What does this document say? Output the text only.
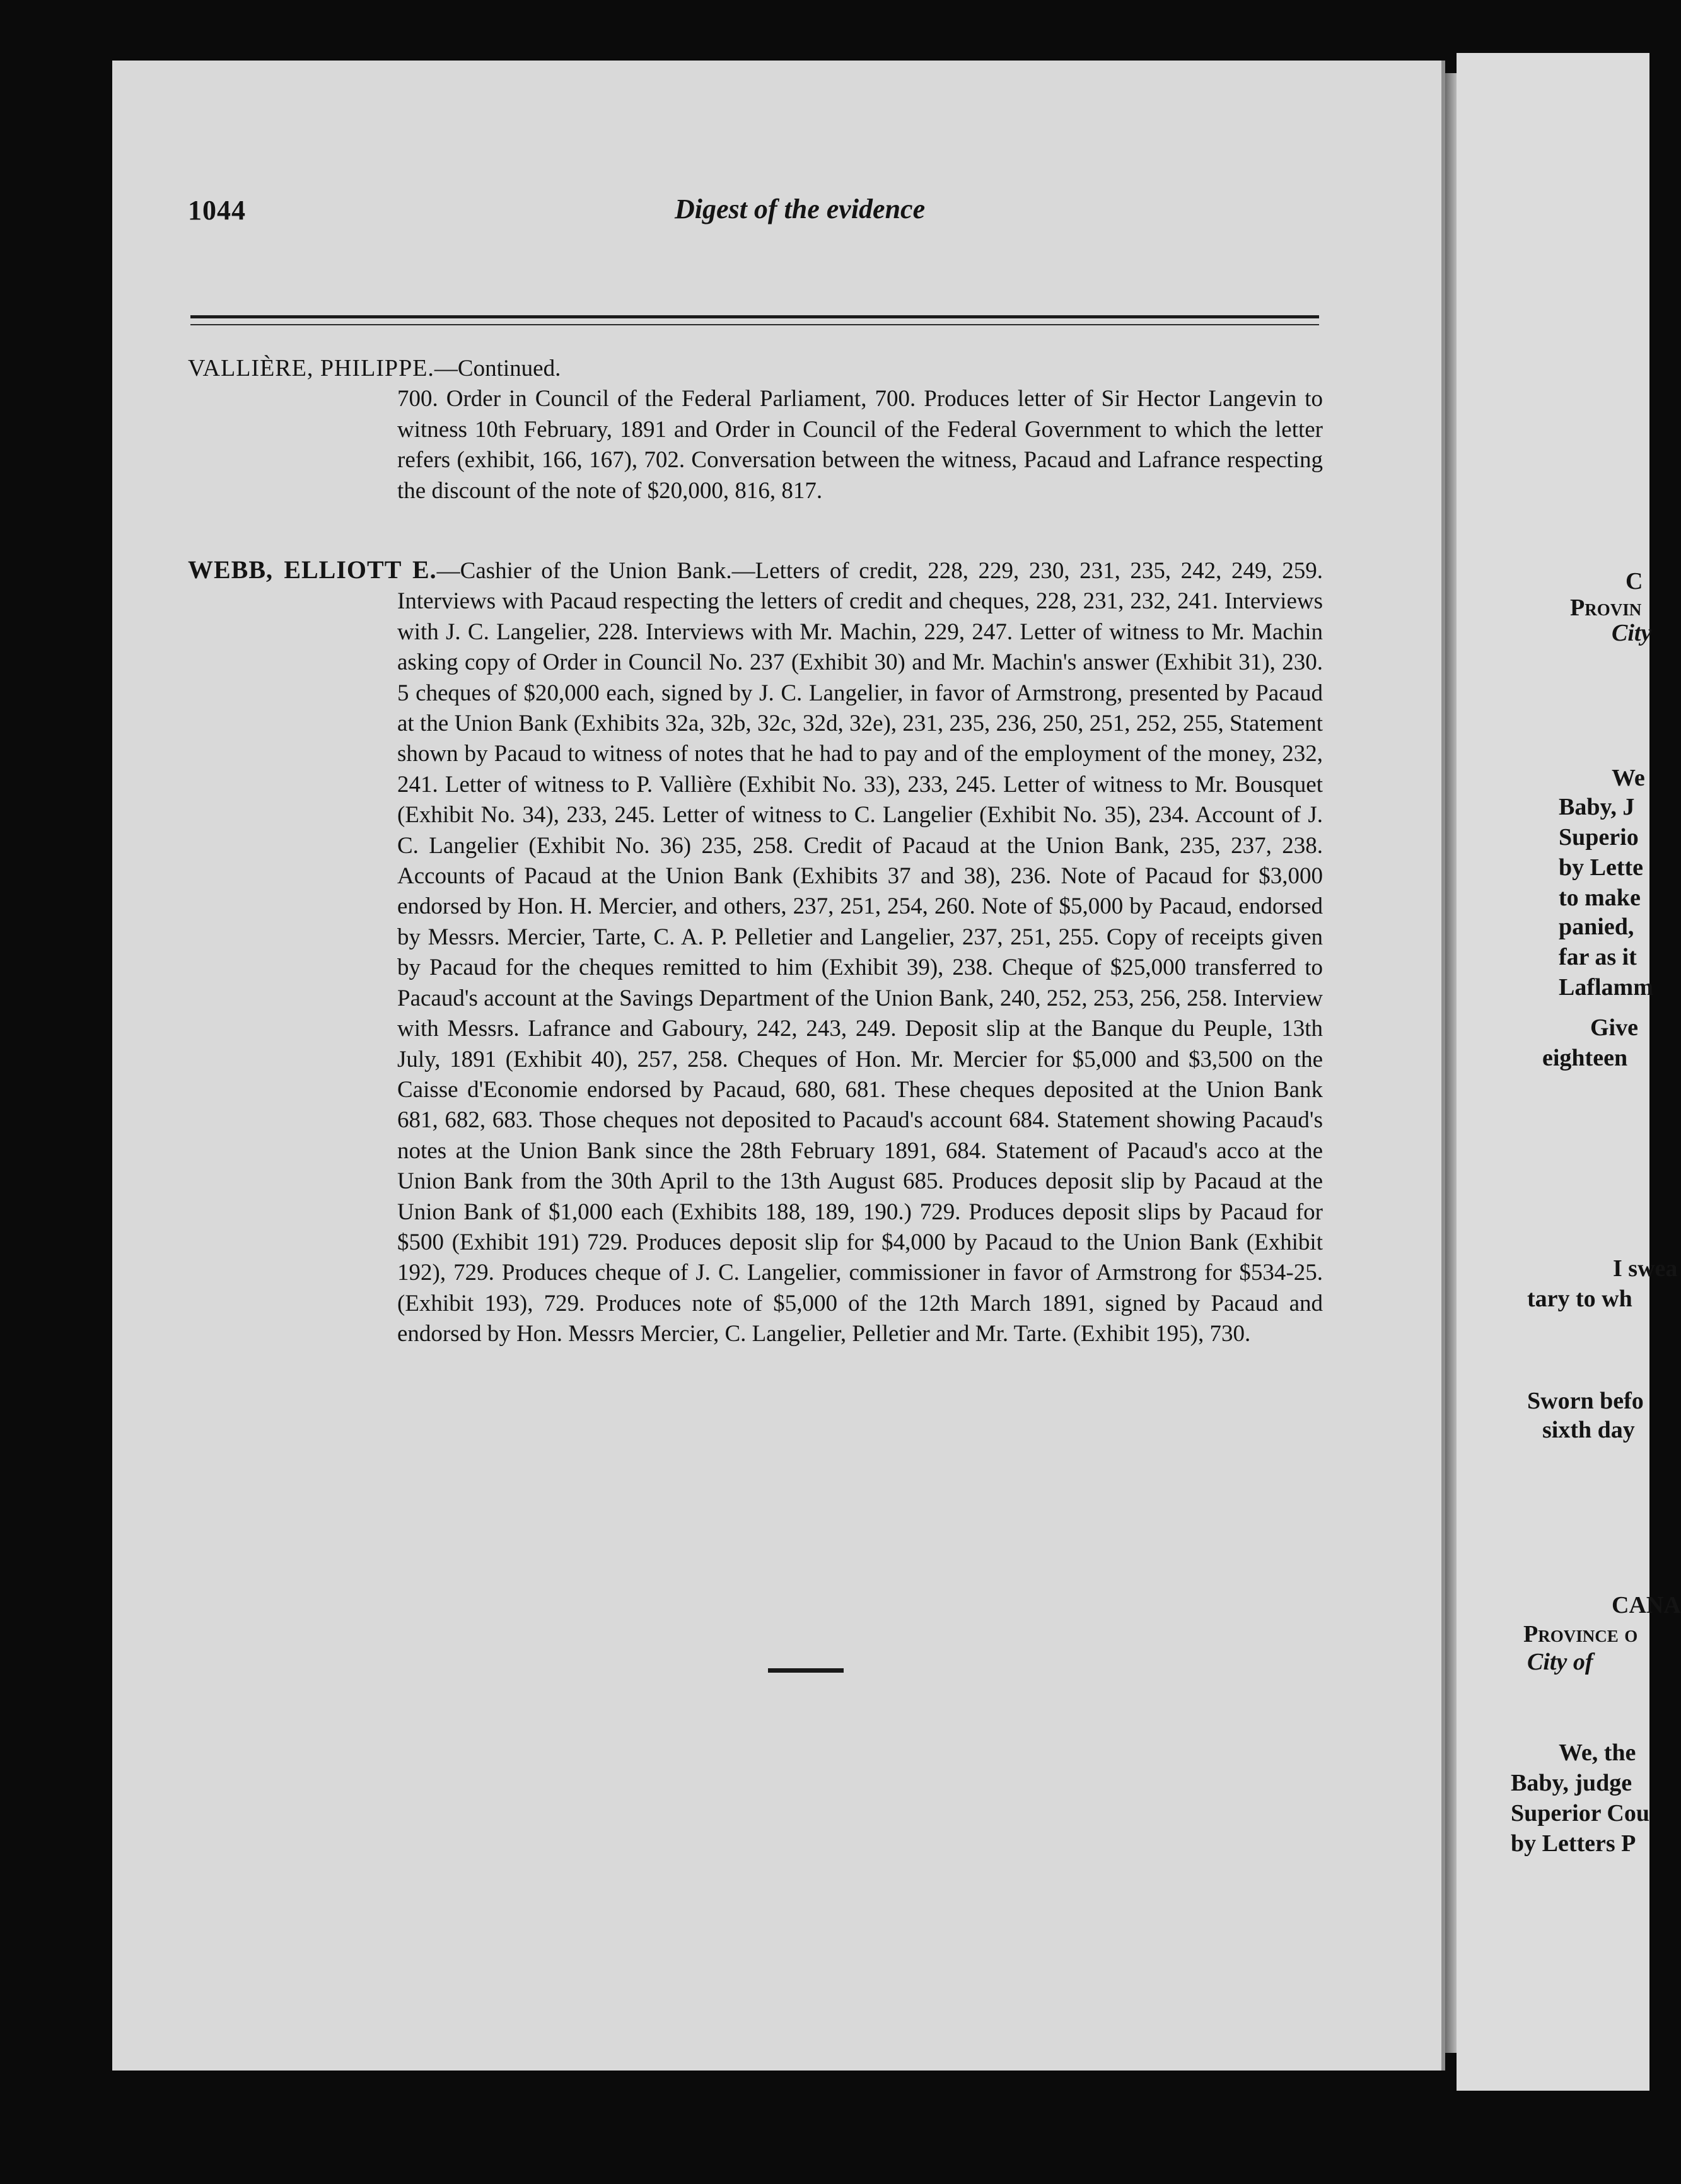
1044	Digest of the evidence

VALLIÈRE, PHILIPPE.—Continued.
700. Order in Council of the Federal Parliament, 700. Produces letter of Sir Hector Langevin to witness 10th February, 1891 and Order in Council of the Federal Government to which the letter refers (exhibit, 166, 167), 702. Conversation between the witness, Pacaud and Lafrance respecting the discount of the note of $20,000, 816, 817.

WEBB, ELLIOTT E.—Cashier of the Union Bank.—Letters of credit, 228, 229, 230, 231, 235, 242, 249, 259. Interviews with Pacaud respecting the letters of credit and cheques, 228, 231, 232, 241. Interviews with J. C. Langelier, 228. Interviews with Mr. Machin, 229, 247. Letter of witness to Mr. Machin asking copy of Order in Council No. 237 (Exhibit 30) and Mr. Machin's answer (Exhibit 31), 230. 5 cheques of $20,000 each, signed by J. C. Langelier, in favor of Armstrong, presented by Pacaud at the Union Bank (Exhibits 32a, 32b, 32c, 32d, 32e), 231, 235, 236, 250, 251, 252, 255, Statement shown by Pacaud to witness of notes that he had to pay and of the employment of the money, 232, 241. Letter of witness to P. Vallière (Exhibit No. 33), 233, 245. Letter of witness to Mr. Bousquet (Exhibit No. 34), 233, 245. Letter of witness to C. Langelier (Exhibit No. 35), 234. Account of J. C. Langelier (Exhibit No. 36) 235, 258. Credit of Pacaud at the Union Bank, 235, 237, 238. Accounts of Pacaud at the Union Bank (Exhibits 37 and 38), 236. Note of Pacaud for $3,000 endorsed by Hon. H. Mercier, and others, 237, 251, 254, 260. Note of $5,000 by Pacaud, endorsed by Messrs. Mercier, Tarte, C. A. P. Pelletier and Langelier, 237, 251, 255. Copy of receipts given by Pacaud for the cheques remitted to him (Exhibit 39), 238. Cheque of $25,000 transferred to Pacaud's account at the Savings Department of the Union Bank, 240, 252, 253, 256, 258. Interview with Messrs. Lafrance and Gaboury, 242, 243, 249. Deposit slip at the Banque du Peuple, 13th July, 1891 (Exhibit 40), 257, 258. Cheques of Hon. Mr. Mercier for $5,000 and $3,500 on the Caisse d'Economie endorsed by Pacaud, 680, 681. These cheques deposited at the Union Bank 681, 682, 683. Those cheques not deposited to Pacaud's account 684. Statement showing Pacaud's notes at the Union Bank since the 28th February 1891, 684. Statement of Pacaud's acco at the Union Bank from the 30th April to the 13th August 685. Produces deposit slip by Pacaud at the Union Bank of $1,000 each (Exhibits 188, 189, 190.) 729. Produces deposit slips by Pacaud for $500 (Exhibit 191) 729. Produces deposit slip for $4,000 by Pacaud to the Union Bank (Exhibit 192), 729. Produces cheque of J. C. Langelier, commissioner in favor of Armstrong for $534-25. (Exhibit 193), 729. Produces note of $5,000 of the 12th March 1891, signed by Pacaud and endorsed by Hon. Messrs Mercier, C. Langelier, Pelletier and Mr. Tarte. (Exhibit 195), 730.

C
Provin
City
We
Baby, J
Superio
by Lette
to make
panied,
far as it
Laflamm
Give
eighteen
I swea
tary to wh
Sworn befo
sixth day
CANA
Province o
City of
We, the
Baby, judge
Superior Cou
by Letters P
